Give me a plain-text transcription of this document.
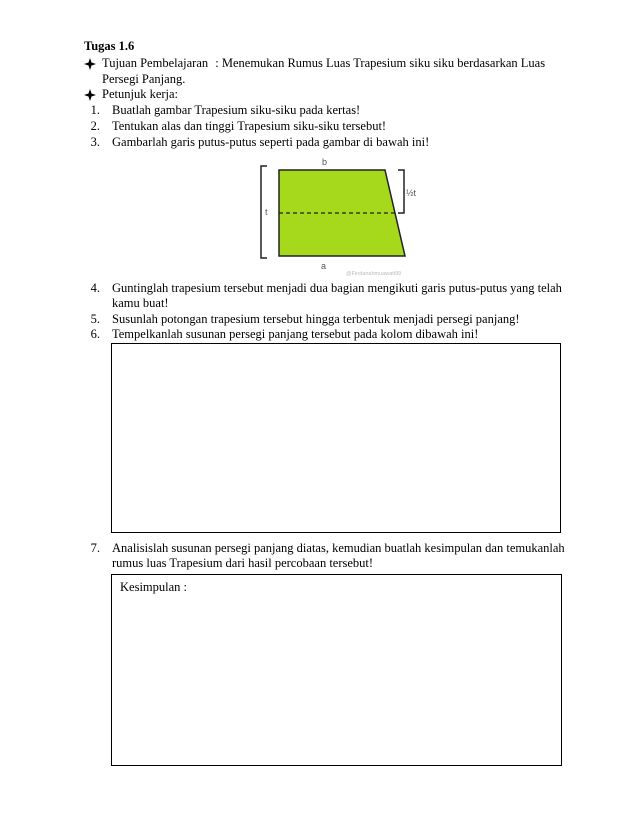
Tugas 1.6
Tujuan Pembelajaran : Menemukan Rumus Luas Trapesium siku siku berdasarkan Luas
Persegi Panjang.
Petunjuk kerja:
1. Buatlah gambar Trapesium siku-siku pada kertas!
2. Tentukan alas dan tinggi Trapesium siku-siku tersebut!
3. Gambarlah garis putus-putus seperti pada gambar di bawah ini!
t
b
½t
a
@Findanahmuawati99
4. Guntinglah trapesium tersebut menjadi dua bagian mengikuti garis putus-putus yang telah
kamu buat!
5. Susunlah potongan trapesium tersebut hingga terbentuk menjadi persegi panjang!
6. Tempelkanlah susunan persegi panjang tersebut pada kolom dibawah ini!
7. Analisislah susunan persegi panjang diatas, kemudian buatlah kesimpulan dan temukanlah
rumus luas Trapesium dari hasil percobaan tersebut!
Kesimpulan :
